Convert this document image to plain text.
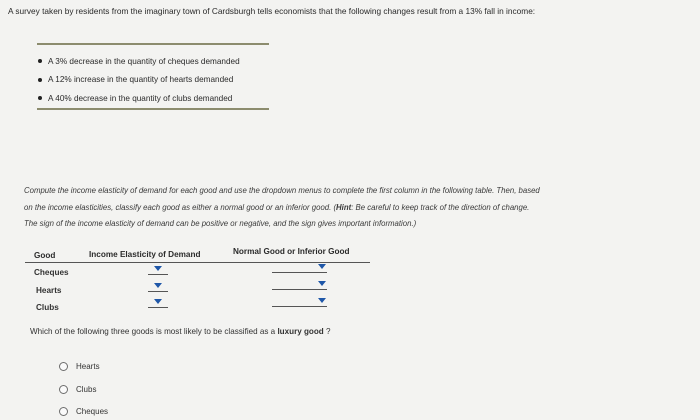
A survey taken by residents from the imaginary town of Cardsburgh tells economists that the following changes result from a 13% fall in income:
A 3% decrease in the quantity of cheques demanded
A 12% increase in the quantity of hearts demanded
A 40% decrease in the quantity of clubs demanded
Compute the income elasticity of demand for each good and use the dropdown menus to complete the first column in the following table. Then, based
on the income elasticities, classify each good as either a normal good or an inferior good. (Hint: Be careful to keep track of the direction of change.
The sign of the income elasticity of demand can be positive or negative, and the sign gives important information.)
Good	Income Elasticity of Demand	Normal Good or Inferior Good
Cheques
Hearts
Clubs
Which of the following three goods is most likely to be classified as a luxury good ?
Hearts
Clubs
Cheques
